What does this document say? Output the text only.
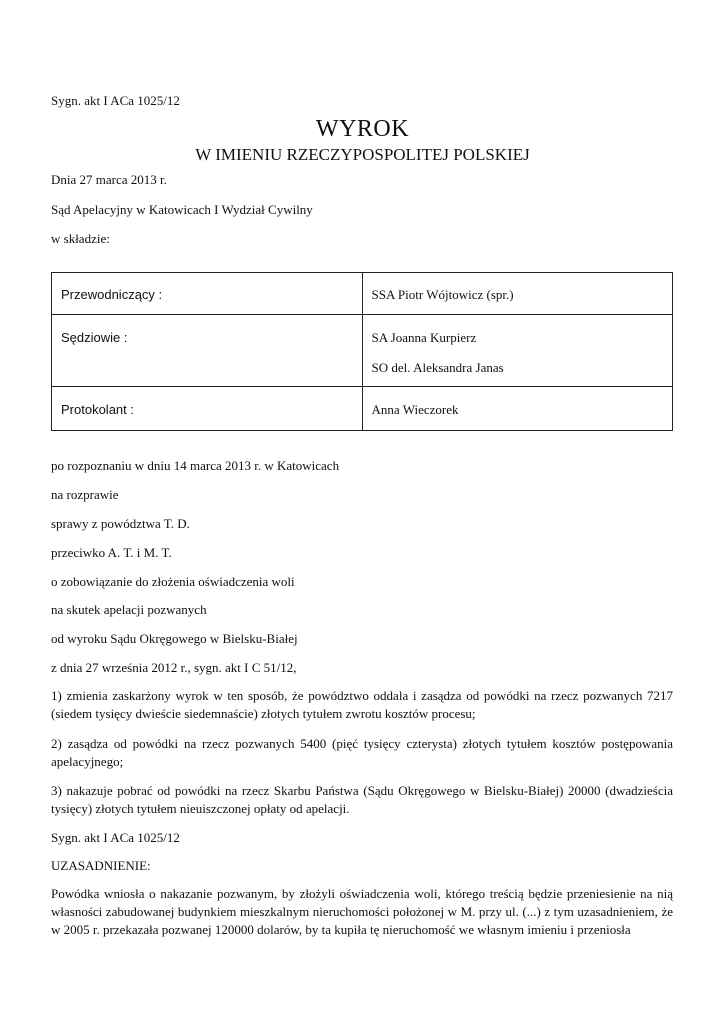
Sygn. akt I ACa 1025/12
WYROK
W IMIENIU RZECZYPOSPOLITEJ POLSKIEJ
Dnia 27 marca 2013 r.
Sąd Apelacyjny w Katowicach I Wydział Cywilny
w składzie:
Przewodniczący :	SSA Piotr Wójtowicz (spr.)

Sędziowie :	SA Joanna Kurpierz
SO del. Aleksandra Janas

Protokolant :	Anna Wieczorek
po rozpoznaniu w dniu 14 marca 2013 r. w Katowicach
na rozprawie
sprawy z powództwa T. D.
przeciwko A. T. i M. T.
o zobowiązanie do złożenia oświadczenia woli
na skutek apelacji pozwanych
od wyroku Sądu Okręgowego w Bielsku-Białej
z dnia 27 września 2012 r., sygn. akt I C 51/12,
1) zmienia zaskarżony wyrok w ten sposób, że powództwo oddala i zasądza od powódki na rzecz pozwanych 7217 (siedem tysięcy dwieście siedemnaście) złotych tytułem zwrotu kosztów procesu;
2) zasądza od powódki na rzecz pozwanych 5400 (pięć tysięcy czterysta) złotych tytułem kosztów postępowania apelacyjnego;
3) nakazuje pobrać od powódki na rzecz Skarbu Państwa (Sądu Okręgowego w Bielsku-Białej) 20000 (dwadzieścia tysięcy) złotych tytułem nieuiszczonej opłaty od apelacji.
Sygn. akt I ACa 1025/12
UZASADNIENIE:
Powódka wniosła o nakazanie pozwanym, by złożyli oświadczenia woli, którego treścią będzie przeniesienie na nią własności zabudowanej budynkiem mieszkalnym nieruchomości położonej w M. przy ul. (...) z tym uzasadnieniem, że w 2005 r. przekazała pozwanej 120000 dolarów, by ta kupiła tę nieruchomość we własnym imieniu i przeniosła
